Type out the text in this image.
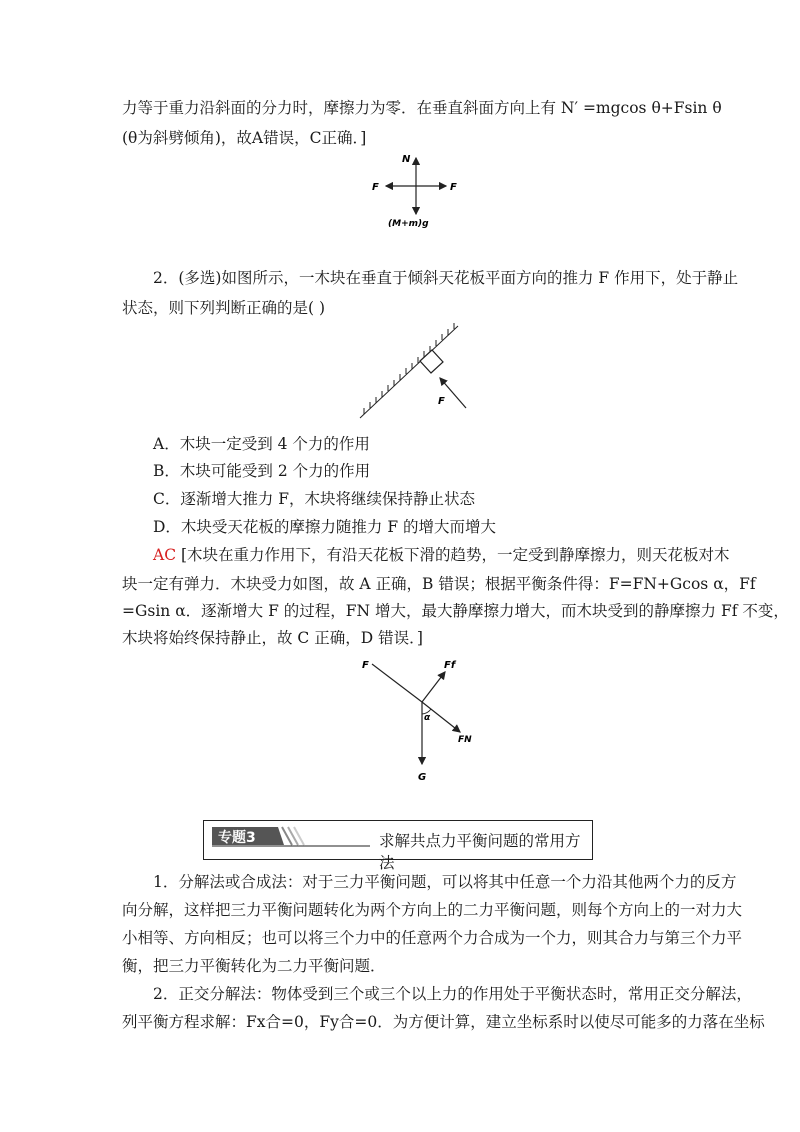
力等于重力沿斜面的分力时，摩擦力为零．在垂直斜面方向上有 N′ =mgcos θ+Fsin θ
(θ为斜劈倾角)，故A错误，C正确．]
N
F	F
(M+m)g
2．(多选)如图所示，一木块在垂直于倾斜天花板平面方向的推力 F 作用下，处于静止
状态，则下列判断正确的是( )
F
A．木块一定受到 4 个力的作用
B．木块可能受到 2 个力的作用
C．逐渐增大推力 F，木块将继续保持静止状态
D．木块受天花板的摩擦力随推力 F 的增大而增大
AC [木块在重力作用下，有沿天花板下滑的趋势，一定受到静摩擦力，则天花板对木
块一定有弹力．木块受力如图，故 A 正确，B 错误；根据平衡条件得：F=FN+Gcos α，Ff
=Gsin α．逐渐增大 F 的过程，FN 增大，最大静摩擦力增大，而木块受到的静摩擦力 Ff 不变，
木块将始终保持静止，故 C 正确，D 错误．]
F	Ff
α
FN
G
专题3	求解共点力平衡问题的常用方法
1．分解法或合成法：对于三力平衡问题，可以将其中任意一个力沿其他两个力的反方
向分解，这样把三力平衡问题转化为两个方向上的二力平衡问题，则每个方向上的一对力大
小相等、方向相反；也可以将三个力中的任意两个力合成为一个力，则其合力与第三个力平
衡，把三力平衡转化为二力平衡问题．
2．正交分解法：物体受到三个或三个以上力的作用处于平衡状态时，常用正交分解法，
列平衡方程求解：Fx合=0，Fy合=0．为方便计算，建立坐标系时以使尽可能多的力落在坐标
